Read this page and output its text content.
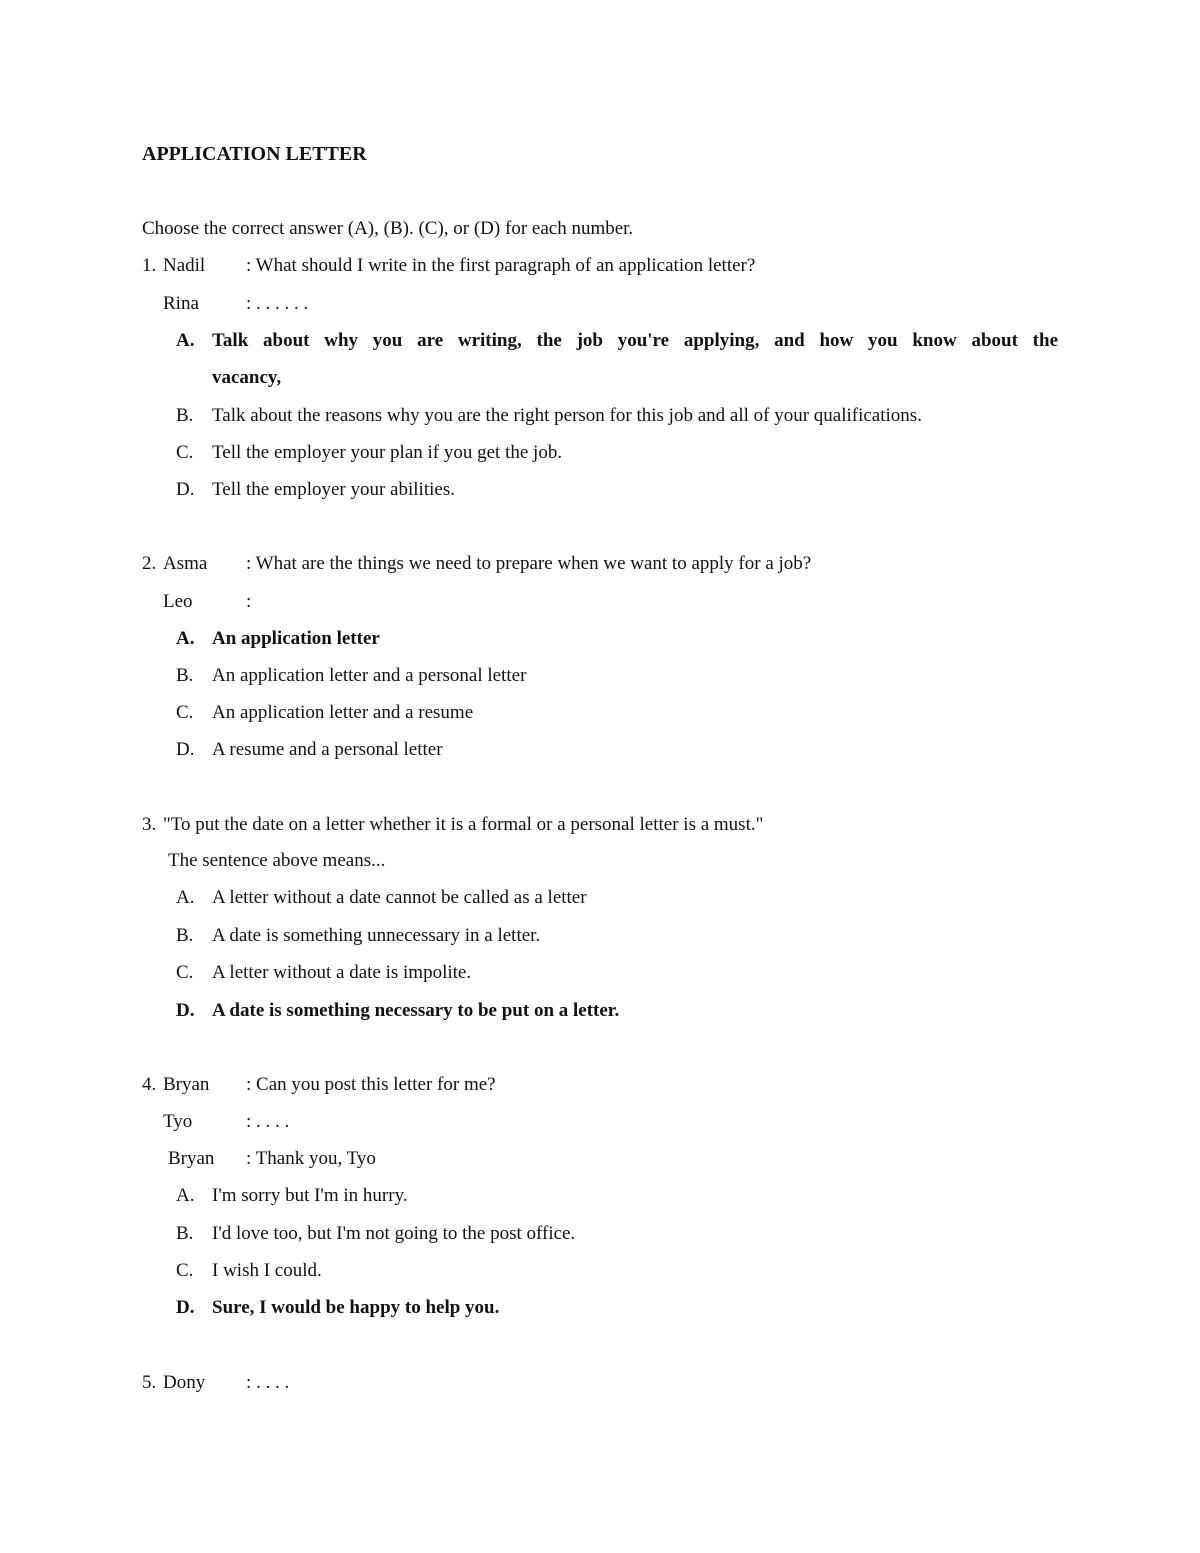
APPLICATION LETTER
Choose the correct answer (A), (B). (C), or (D) for each number.
1. Nadil : What should I write in the first paragraph of an application letter?
Rina : . . . . . .
A. Talk about why you are writing, the job you're applying, and how you know about the
vacancy,
B. Talk about the reasons why you are the right person for this job and all of your qualifications.
C. Tell the employer your plan if you get the job.
D. Tell the employer your abilities.
2. Asma : What are the things we need to prepare when we want to apply for a job?
Leo	:
A. An application letter
B. An application letter and a personal letter
C. An application letter and a resume
D. A resume and a personal letter
3. "To put the date on a letter whether it is a formal or a personal letter is a must."
The sentence above means...
A. A letter without a date cannot be called as a letter
B. A date is something unnecessary in a letter.
C. A letter without a date is impolite.
D. A date is something necessary to be put on a letter.
4. Bryan : Can you post this letter for me?
Tyo	: . . . .
Bryan : Thank you, Tyo
A. I'm sorry but I'm in hurry.
B. I'd love too, but I'm not going to the post office.
C. I wish I could.
D. Sure, I would be happy to help you.
5. Dony : . . . .
